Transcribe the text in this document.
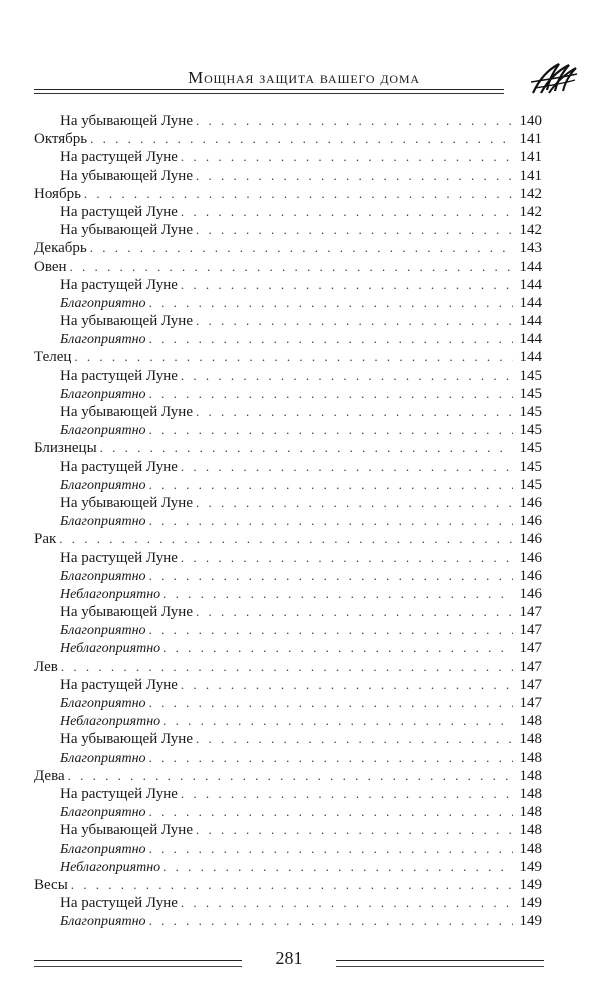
Мощная защита вашего дома
На убывающей Луне . . .	140
Октябрь . . .	141
На растущей Луне . . .	141
На убывающей Луне . . .	141
Ноябрь . . .	142
На растущей Луне . . .	142
На убывающей Луне . . .	142
Декабрь . . .	143
Овен . . .	144
На растущей Луне . . .	144
Благоприятно . . .	144
На убывающей Луне . . .	144
Благоприятно . . .	144
Телец . . .	144
На растущей Луне . . .	145
Благоприятно . . .	145
На убывающей Луне . . .	145
Благоприятно . . .	145
Близнецы . . .	145
На растущей Луне . . .	145
Благоприятно . . .	145
На убывающей Луне . . .	146
Благоприятно . . .	146
Рак . . .	146
На растущей Луне . . .	146
Благоприятно . . .	146
Неблагоприятно . . .	146
На убывающей Луне . . .	147
Благоприятно . . .	147
Неблагоприятно . . .	147
Лев . . .	147
На растущей Луне . . .	147
Благоприятно . . .	147
Неблагоприятно . . .	148
На убывающей Луне . . .	148
Благоприятно . . .	148
Дева . . .	148
На растущей Луне . . .	148
Благоприятно . . .	148
На убывающей Луне . . .	148
Благоприятно . . .	148
Неблагоприятно . . .	149
Весы . . .	149
На растущей Луне . . .	149
Благоприятно . . .	149
281
